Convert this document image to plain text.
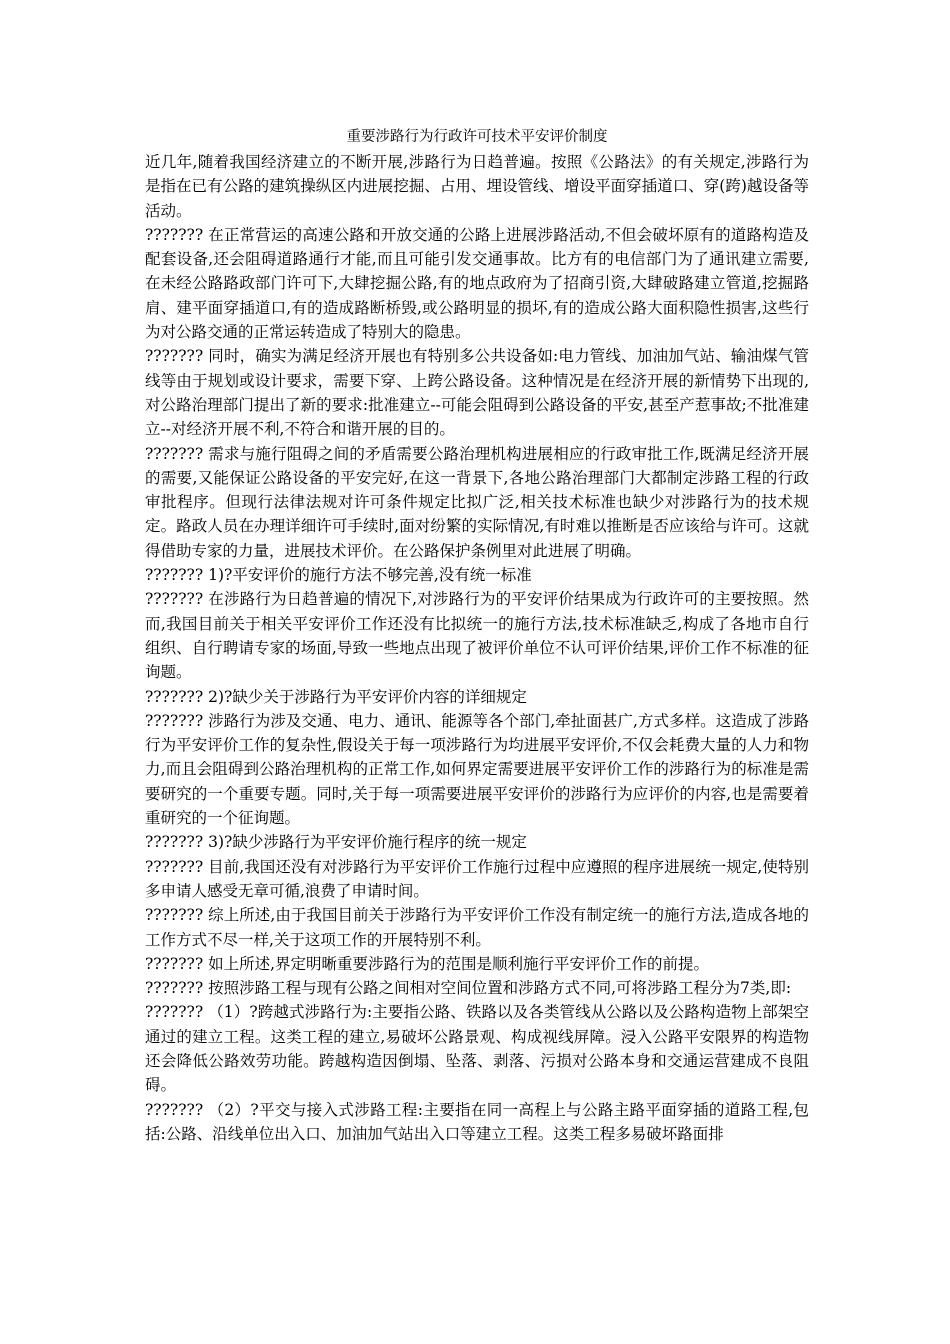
重要涉路行为行政许可技术平安评价制度

近几年,随着我国经济建立的不断开展,涉路行为日趋普遍。按照《公路法》的有关规定,涉路行为是指在已有公路的建筑操纵区内进展挖掘、占用、埋设管线、增设平面穿插道口、穿(跨)越设备等活动。

??????? 在正常营运的高速公路和开放交通的公路上进展涉路活动,不但会破坏原有的道路构造及配套设备,还会阻碍道路通行才能,而且可能引发交通事故。比方有的电信部门为了通讯建立需要,在未经公路路政部门许可下,大肆挖掘公路,有的地点政府为了招商引资,大肆破路建立管道,挖掘路肩、建平面穿插道口,有的造成路断桥毁,或公路明显的损坏,有的造成公路大面积隐性损害,这些行为对公路交通的正常运转造成了特别大的隐患。

??????? 同时，确实为满足经济开展也有特别多公共设备如:电力管线、加油加气站、输油煤气管线等由于规划或设计要求，需要下穿、上跨公路设备。这种情况是在经济开展的新情势下出现的,对公路治理部门提出了新的要求:批准建立--可能会阻碍到公路设备的平安,甚至产惹事故;不批准建立--对经济开展不利,不符合和谐开展的目的。

??????? 需求与施行阻碍之间的矛盾需要公路治理机构进展相应的行政审批工作,既满足经济开展的需要,又能保证公路设备的平安完好,在这一背景下,各地公路治理部门大都制定涉路工程的行政审批程序。但现行法律法规对许可条件规定比拟广泛,相关技术标准也缺少对涉路行为的技术规定。路政人员在办理详细许可手续时,面对纷繁的实际情况,有时难以推断是否应该给与许可。这就得借助专家的力量，进展技术评价。在公路保护条例里对此进展了明确。

??????? 1)?平安评价的施行方法不够完善,没有统一标准

??????? 在涉路行为日趋普遍的情况下,对涉路行为的平安评价结果成为行政许可的主要按照。然而,我国目前关于相关平安评价工作还没有比拟统一的施行方法,技术标准缺乏,构成了各地市自行组织、自行聘请专家的场面,导致一些地点出现了被评价单位不认可评价结果,评价工作不标准的征询题。

??????? 2)?缺少关于涉路行为平安评价内容的详细规定

??????? 涉路行为涉及交通、电力、通讯、能源等各个部门,牵扯面甚广,方式多样。这造成了涉路行为平安评价工作的复杂性,假设关于每一项涉路行为均进展平安评价,不仅会耗费大量的人力和物力,而且会阻碍到公路治理机构的正常工作,如何界定需要进展平安评价工作的涉路行为的标准是需要研究的一个重要专题。同时,关于每一项需要进展平安评价的涉路行为应评价的内容,也是需要着重研究的一个征询题。

??????? 3)?缺少涉路行为平安评价施行程序的统一规定

??????? 目前,我国还没有对涉路行为平安评价工作施行过程中应遵照的程序进展统一规定,使特别多申请人感受无章可循,浪费了申请时间。

??????? 综上所述,由于我国目前关于涉路行为平安评价工作没有制定统一的施行方法,造成各地的工作方式不尽一样,关于这项工作的开展特别不利。

??????? 如上所述,界定明晰重要涉路行为的范围是顺利施行平安评价工作的前提。

??????? 按照涉路工程与现有公路之间相对空间位置和涉路方式不同,可将涉路工程分为7类,即:

??????? （1）?跨越式涉路行为:主要指公路、铁路以及各类管线从公路以及公路构造物上部架空通过的建立工程。这类工程的建立,易破坏公路景观、构成视线屏障。浸入公路平安限界的构造物还会降低公路效劳功能。跨越构造因倒塌、坠落、剥落、污损对公路本身和交通运营建成不良阻碍。

??????? （2）?平交与接入式涉路工程:主要指在同一高程上与公路主路平面穿插的道路工程,包括:公路、沿线单位出入口、加油加气站出入口等建立工程。这类工程多易破坏路面排
